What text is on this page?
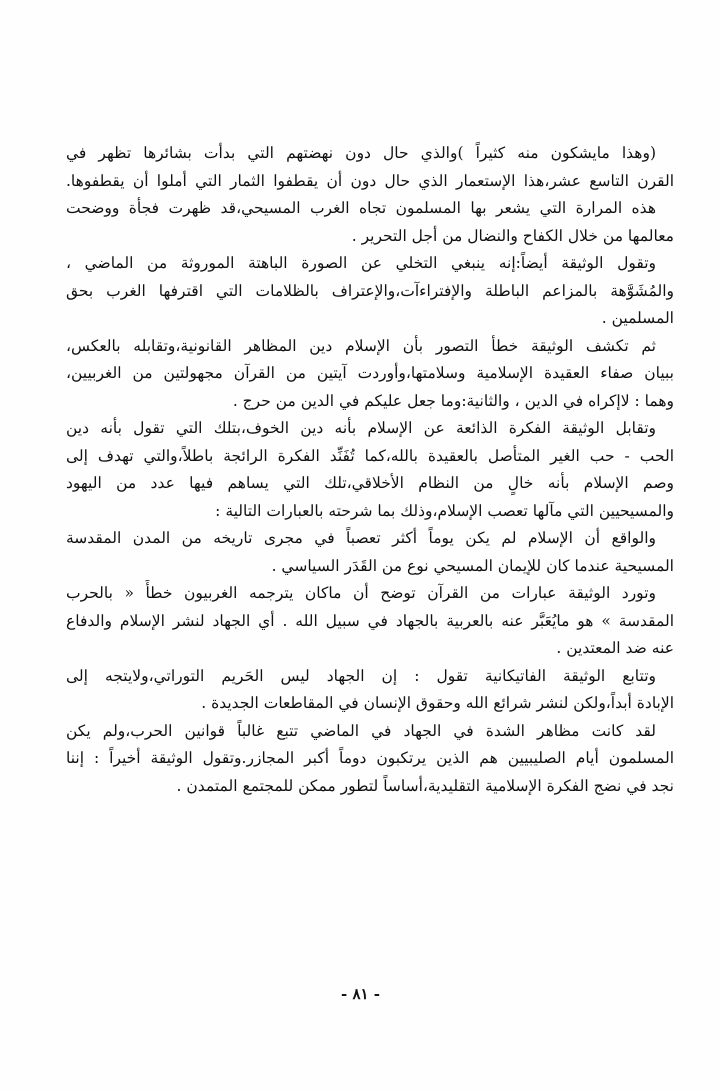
(وهذا مايشكون منه كثيراً )والذي حال دون نهضتهم التي بدأت بشائرها تظهر في
القرن التاسع عشر،هذا الإستعمار الذي حال دون أن يقطفوا الثمار التي أملوا أن يقطفوها.
هذه المرارة التي يشعر بها المسلمون تجاه الغرب المسيحي،قد ظهرت فجأة ووضحت
معالمها من خلال الكفاح والنضال من أجل التحرير .
وتقول الوثيقة أيضاً:إنه ينبغي التخلي عن الصورة الباهتة الموروثة من الماضي ،
والمُشَوَّهة بالمزاعم الباطلة والإفتراءآت،والإعتراف بالظلامات التي اقترفها الغرب بحق
المسلمين .
ثم تكشف الوثيقة خطأ التصور بأن الإسلام دين المظاهر القانونية،وتقابله بالعكس،
ببيان صفاء العقيدة الإسلامية وسلامتها،وأوردت آيتين من القرآن مجهولتين من الغربيين،
وهما : لاإكراه في الدين ، والثانية:وما جعل عليكم في الدين من حرج .
وتقابل الوثيقة الفكرة الذائعة عن الإسلام بأنه دين الخوف،بتلك التي تقول بأنه دين
الحب - حب الغير المتأصل بالعقيدة بالله،كما تُفَنِّد الفكرة الرائجة باطلاً،والتي تهدف إلى
وصم الإسلام بأنه خالٍ من النظام الأخلاقي،تلك التي يساهم فيها عدد من اليهود
والمسيحيين التي مآلها تعصب الإسلام،وذلك بما شرحته بالعبارات التالية :
والواقع أن الإسلام لم يكن يوماً أكثر تعصباً في مجرى تاريخه من المدن المقدسة
المسيحية عندما كان للإيمان المسيحي نوع من القَدَر السياسي .
وتورد الوثيقة عبارات من القرآن توضح أن ماكان يترجمه الغربيون خطأً « بالحرب
المقدسة » هو مايُعَبَّر عنه بالعربية بالجهاد في سبيل الله . أي الجهاد لنشر الإسلام والدفاع
عنه ضد المعتدين .
وتتابع الوثيقة الفاتيكانية تقول : إن الجهاد ليس الحَريم التوراتي،ولايتجه إلى
الإبادة أبداً،ولكن لنشر شرائع الله وحقوق الإنسان في المقاطعات الجديدة .
لقد كانت مظاهر الشدة في الجهاد في الماضي تتبع غالباً قوانين الحرب،ولم يكن
المسلمون أيام الصليبيين هم الذين يرتكبون دوماً أكبر المجازر.وتقول الوثيقة أخيراً : إننا
نجد في نضج الفكرة الإسلامية التقليدية،أساساً لتطور ممكن للمجتمع المتمدن .
- ٨١ -
